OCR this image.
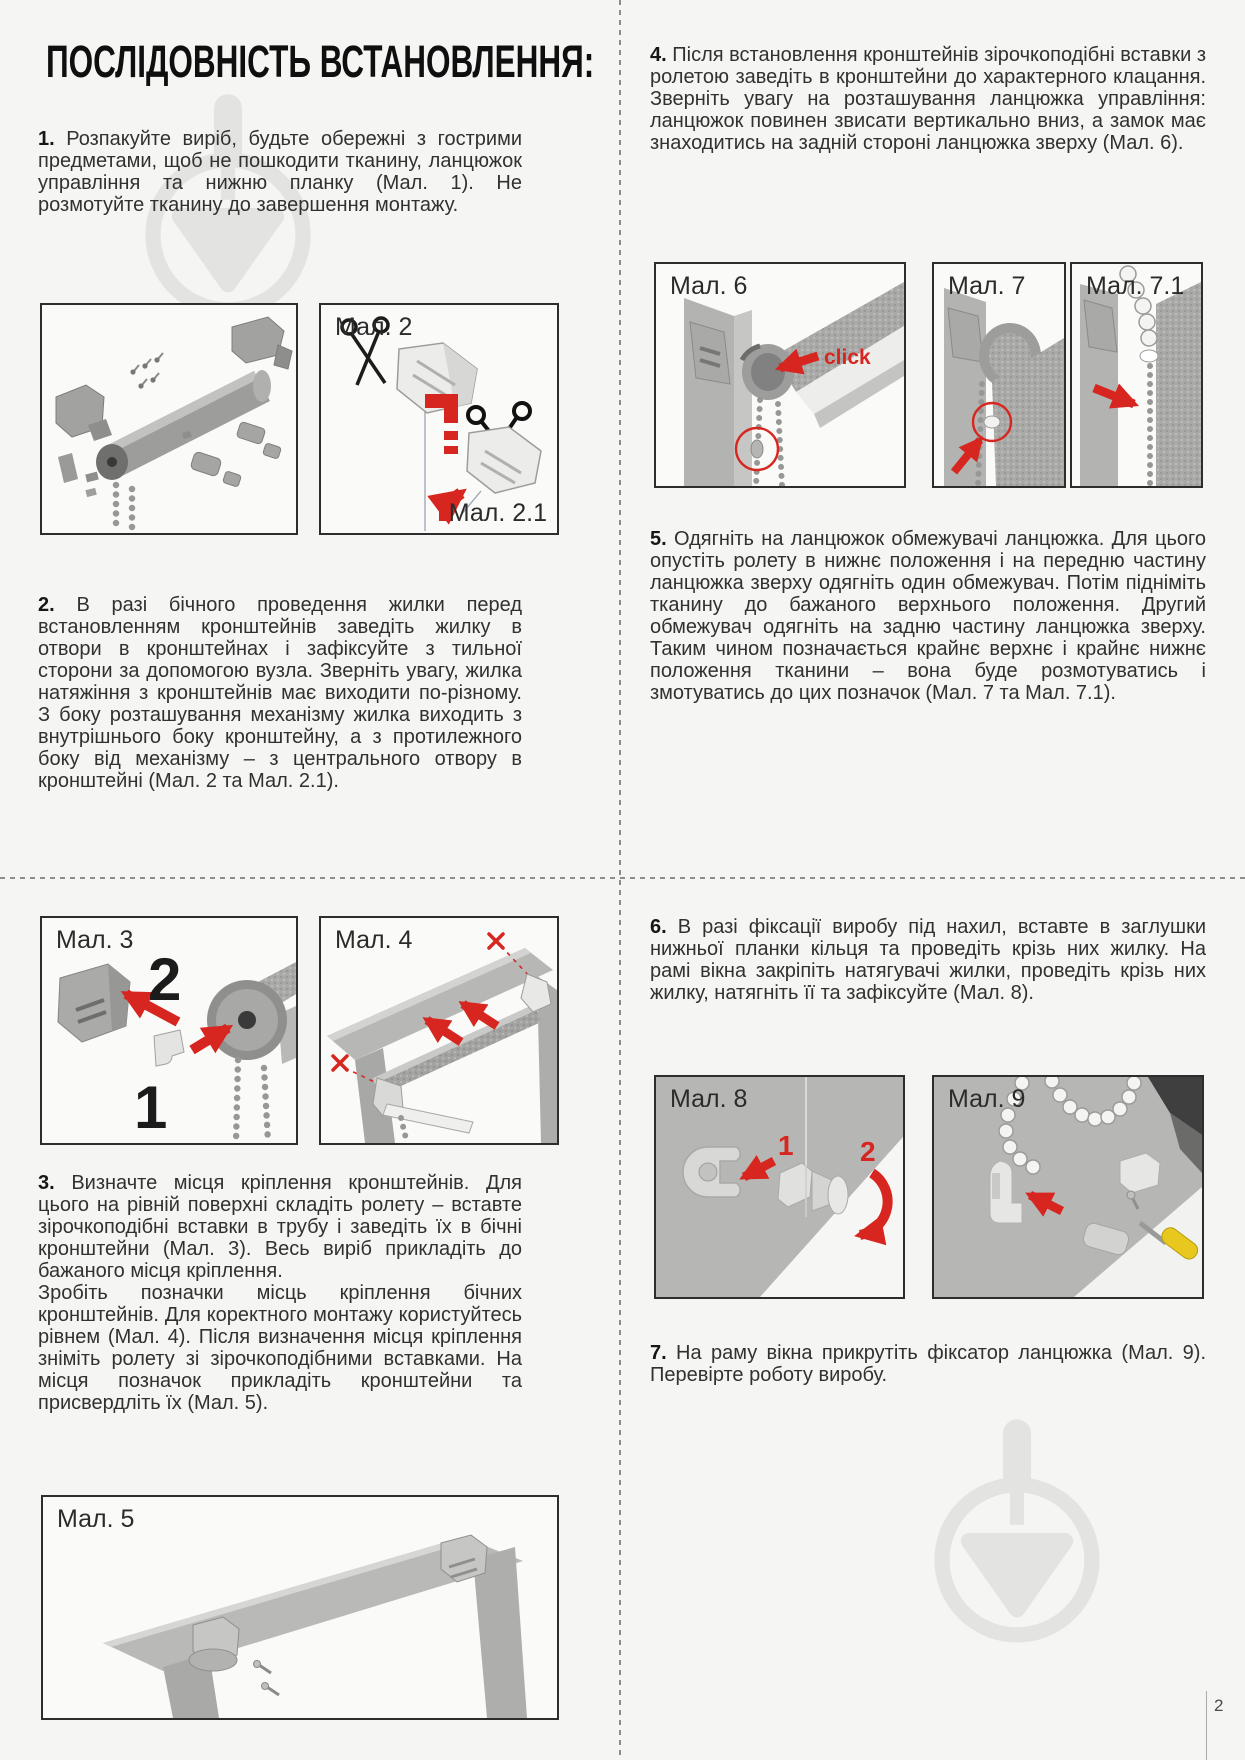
ПОСЛІДОВНІСТЬ ВСТАНОВЛЕННЯ:
1. Розпакуйте виріб, будьте обережні з гострими предметами, щоб не пошкодити тканину, ланцюжок управління та нижню планку (Мал. 1). Не розмотуйте тканину до завершення монтажу.
2. В разі бічного проведення жилки перед встановленням кронштейнів заведіть жилку в отвори в кронштейнах і зафіксуйте з тильної сторони за допомогою вузла. Зверніть увагу, жилка натяжіння з кронштейнів має виходити по-різному. З боку розташування механізму жилка виходить з внутрішнього боку кронштейну, а з протилежного боку від механізму – з центрального отвору в кронштейні (Мал. 2 та Мал. 2.1).

3. Визначте місця кріплення кронштейнів. Для цього на рівній поверхні складіть ролету – вставте зірочкоподібні вставки в трубу і заведіть їх в бічні кронштейни (Мал. 3). Весь виріб прикладіть до бажаного місця кріплення.

Зробіть позначки місць кріплення бічних кронштейнів. Для коректного монтажу користуйтесь рівнем (Мал. 4). Після визначення місця кріплення зніміть ролету зі зірочкоподібними вставками. На місця позначок прикладіть кронштейни та присвердліть їх (Мал. 5).

4. Після встановлення кронштейнів зірочкоподібні вставки з ролетою заведіть в кронштейни до характерного клацання. Зверніть увагу на розташування ланцюжка управління: ланцюжок повинен звисати вертикально вниз, а замок має знаходитись на задній стороні ланцюжка зверху (Мал. 6).
5. Одягніть на ланцюжок обмежувачі ланцюжка. Для цього опустіть ролету в нижнє положення і на передню частину ланцюжка зверху одягніть один обмежувач. Потім підніміть тканину до бажаного верхнього положення. Другий обмежувач одягніть на задню частину ланцюжка зверху. Таким чином позначається крайнє верхнє і крайнє нижнє положення тканини – вона буде розмотуватись і змотуватись до цих позначок (Мал. 7 та Мал. 7.1).
6. В разі фіксації виробу під нахил, вставте в заглушки нижньої планки кільця та проведіть крізь них жилку. На рамі вікна закріпіть натягувачі жилки, проведіть крізь них жилку, натягніть її та зафіксуйте (Мал. 8).
7. На раму вікна прикрутіть фіксатор ланцюжка (Мал. 9). Перевірте роботу виробу.
Мал. 2
Мал. 2.1
Мал. 3
2
1
Мал. 4
Мал. 5
Мал. 6
click
Мал. 7 Мал. 7.1
Мал. 8
1 2
Мал. 9
2
